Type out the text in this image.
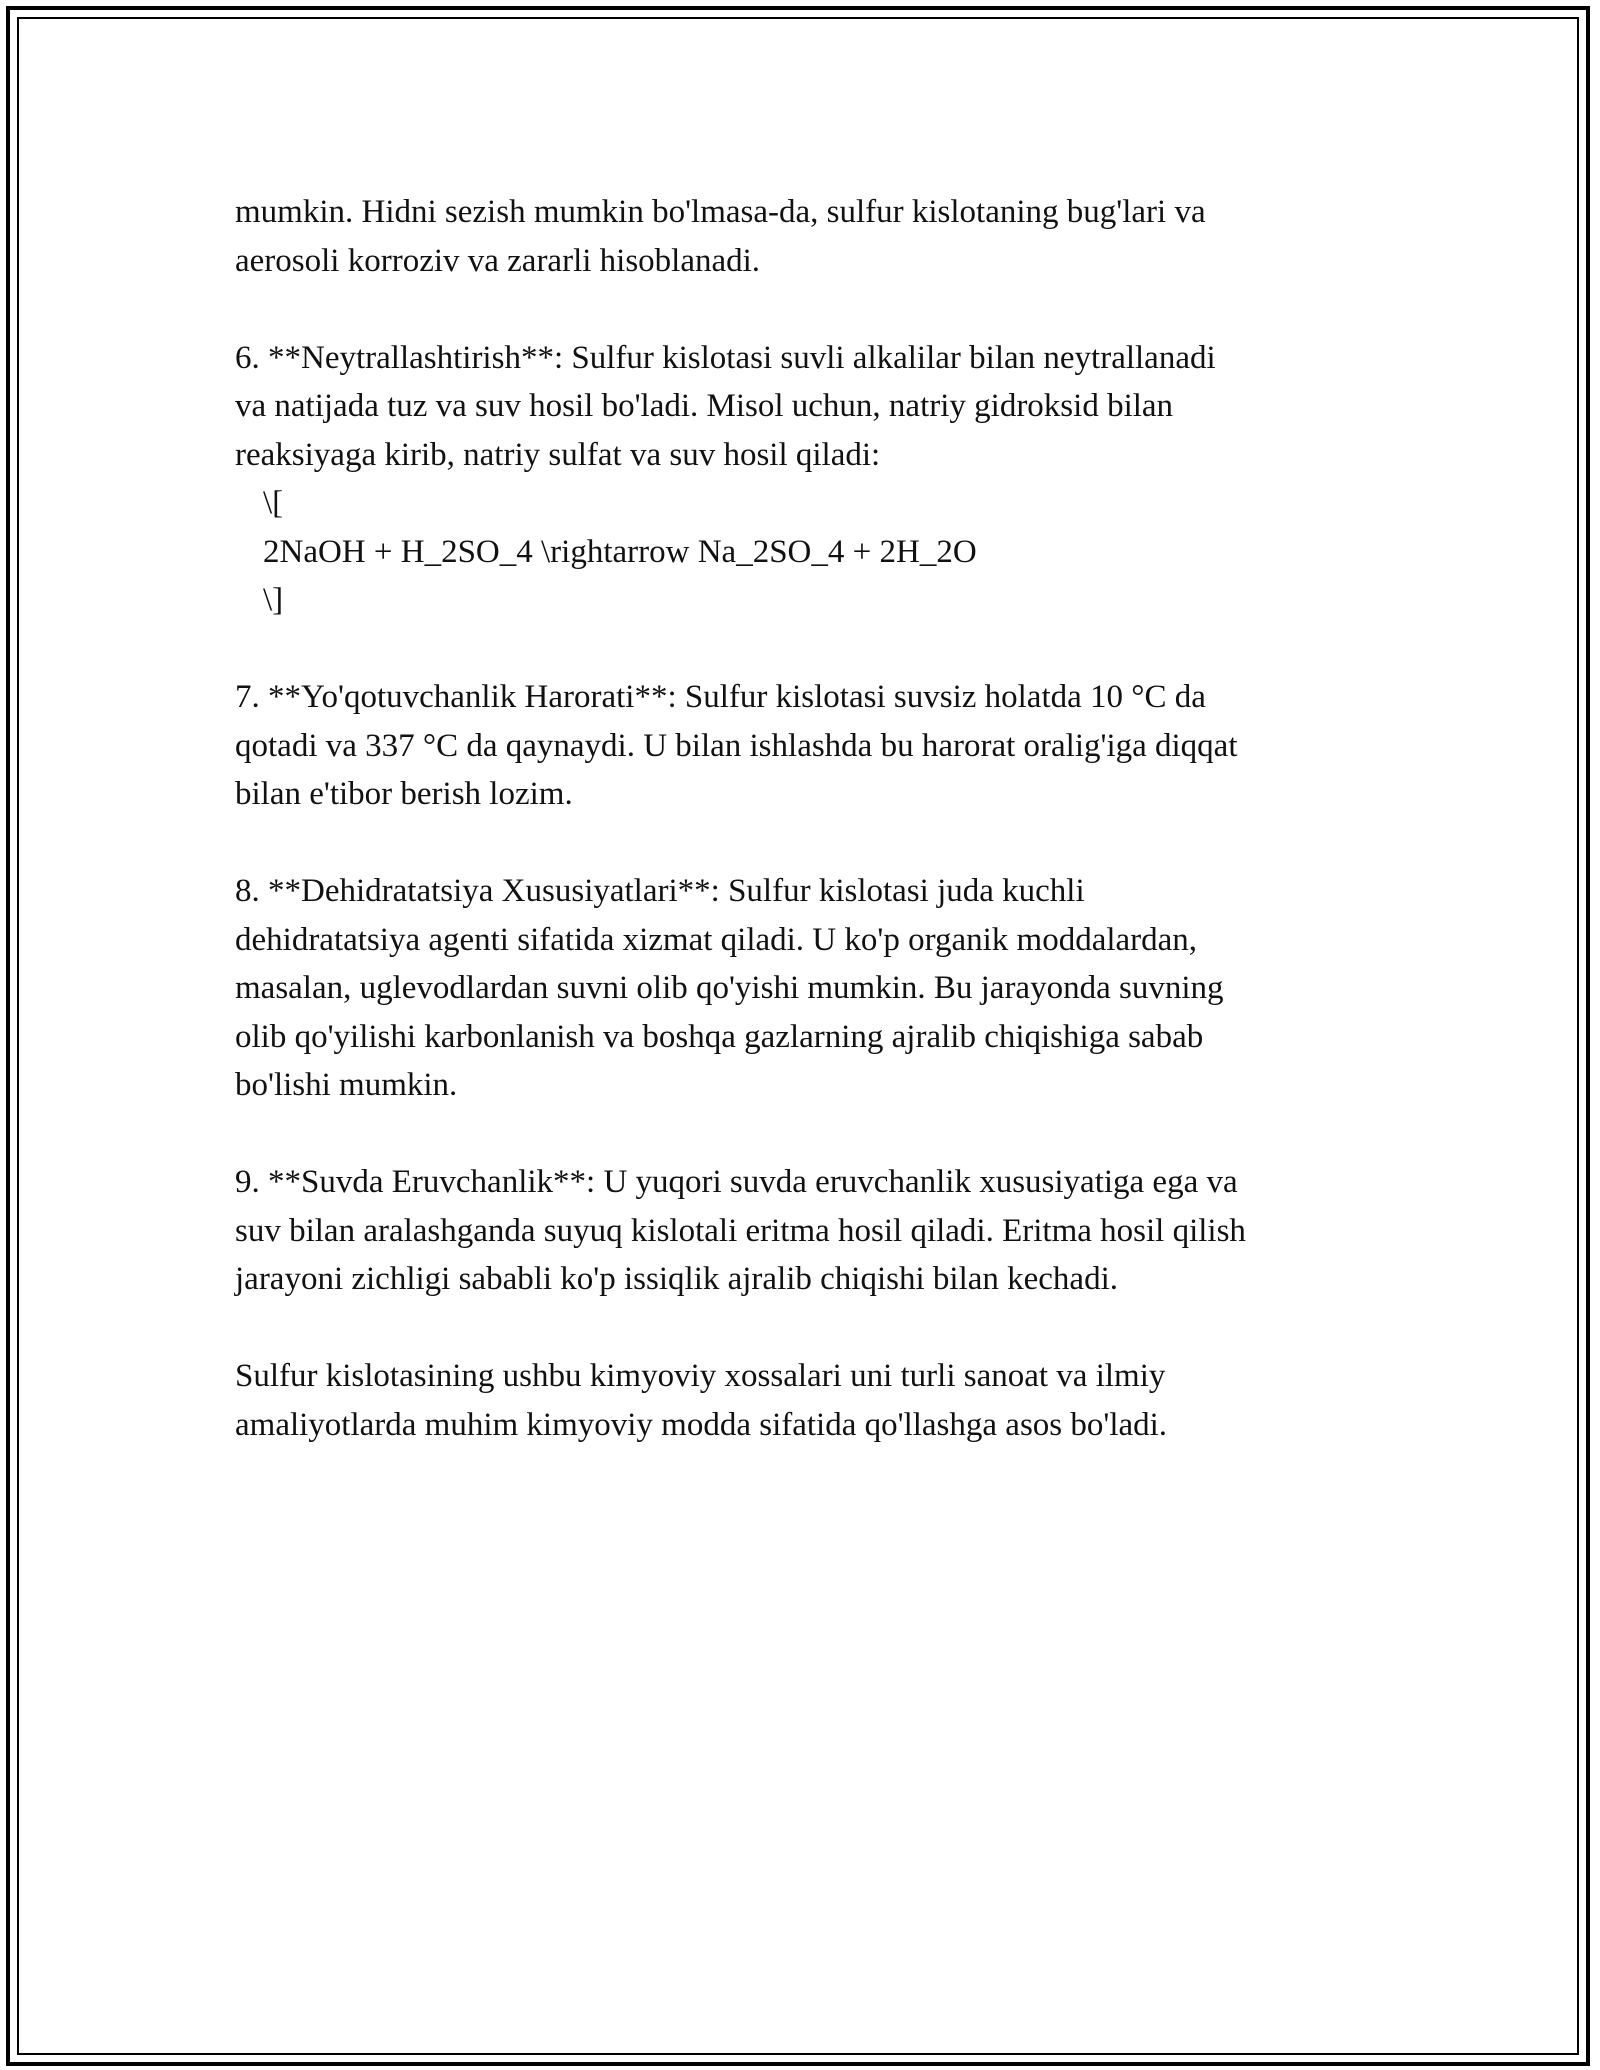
mumkin. Hidni sezish mumkin bo'lmasa-da, sulfur kislotaning bug'lari va
aerosoli korroziv va zararli hisoblanadi.
6. **Neytrallashtirish**: Sulfur kislotasi suvli alkalilar bilan neytrallanadi
va natijada tuz va suv hosil bo'ladi. Misol uchun, natriy gidroksid bilan
reaksiyaga kirib, natriy sulfat va suv hosil qiladi:
\[
2NaOH + H_2SO_4 \rightarrow Na_2SO_4 + 2H_2O
\]
7. **Yo'qotuvchanlik Harorati**: Sulfur kislotasi suvsiz holatda 10 °C da
qotadi va 337 °C da qaynaydi. U bilan ishlashda bu harorat oralig'iga diqqat
bilan e'tibor berish lozim.
8. **Dehidratatsiya Xususiyatlari**: Sulfur kislotasi juda kuchli
dehidratatsiya agenti sifatida xizmat qiladi. U ko'p organik moddalardan,
masalan, uglevodlardan suvni olib qo'yishi mumkin. Bu jarayonda suvning
olib qo'yilishi karbonlanish va boshqa gazlarning ajralib chiqishiga sabab
bo'lishi mumkin.
9. **Suvda Eruvchanlik**: U yuqori suvda eruvchanlik xususiyatiga ega va
suv bilan aralashganda suyuq kislotali eritma hosil qiladi. Eritma hosil qilish
jarayoni zichligi sababli ko'p issiqlik ajralib chiqishi bilan kechadi.
Sulfur kislotasining ushbu kimyoviy xossalari uni turli sanoat va ilmiy
amaliyotlarda muhim kimyoviy modda sifatida qo'llashga asos bo'ladi.
